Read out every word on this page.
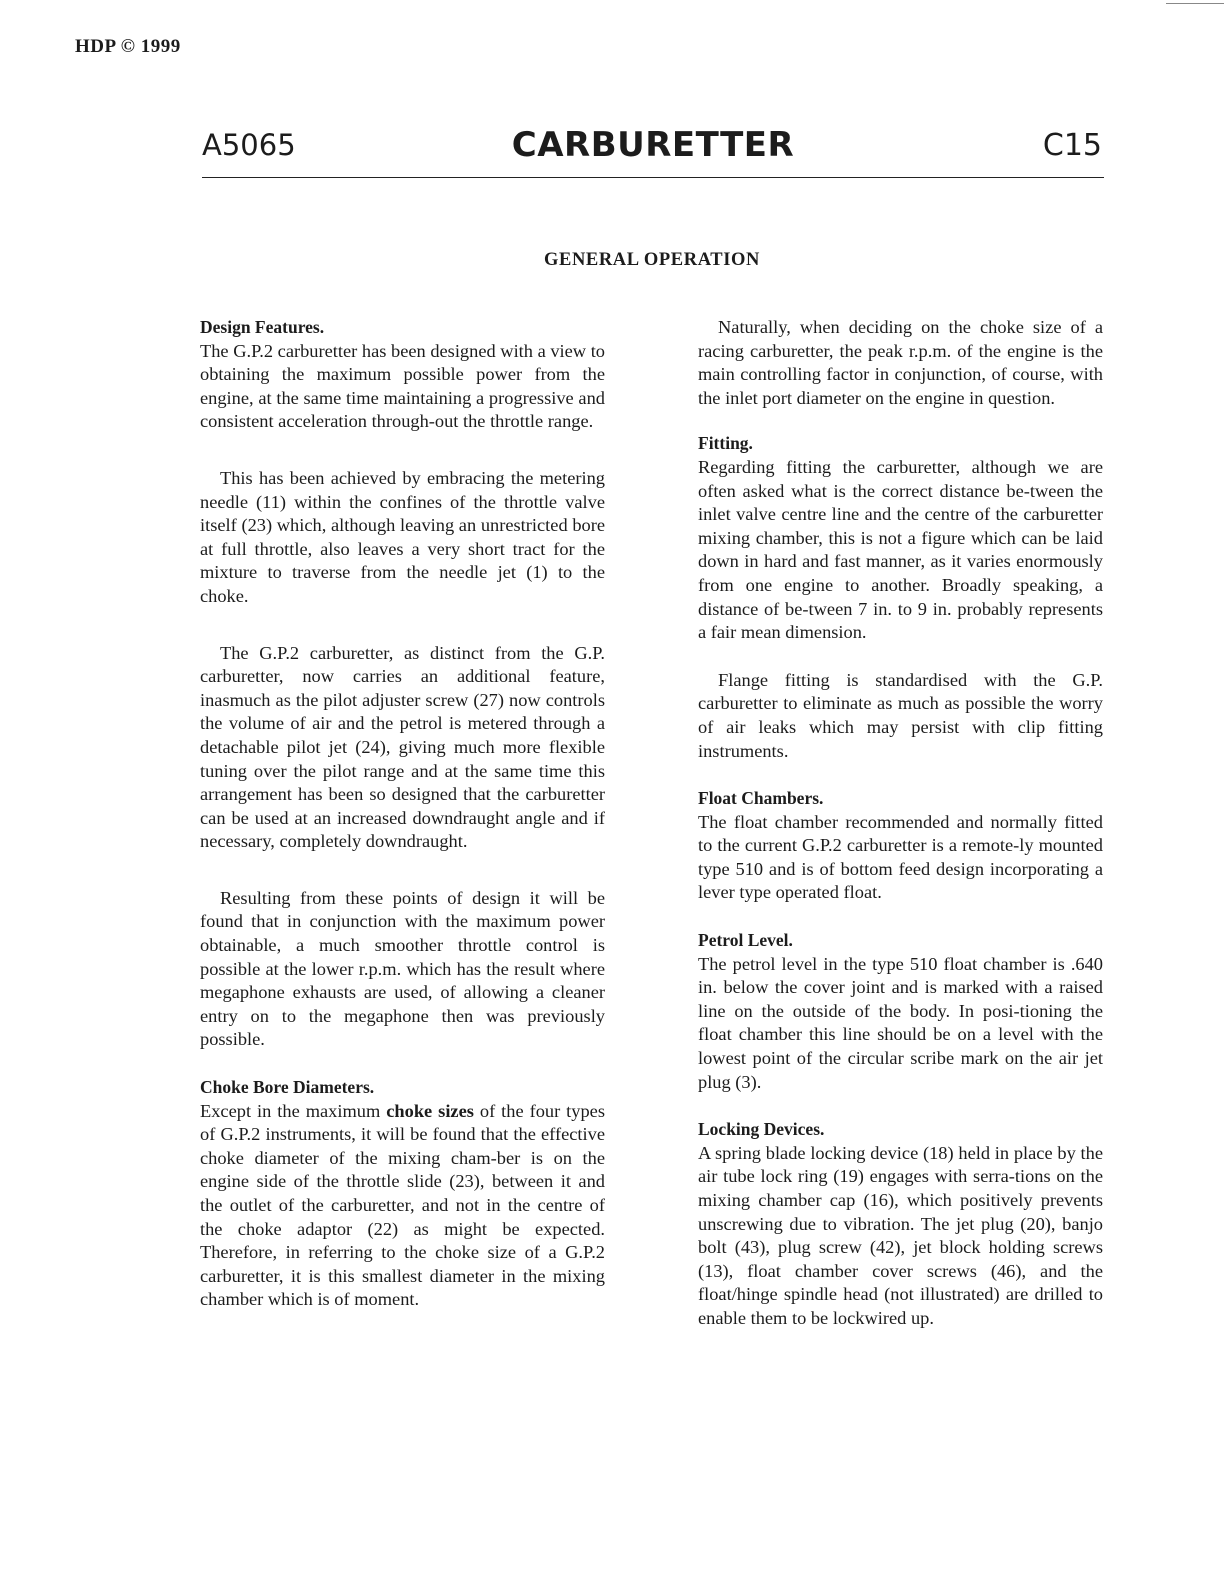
HDP © 1999
A5065	CARBURETTER	C15
GENERAL OPERATION
Design Features.

The G.P.2 carburetter has been designed with a view to obtaining the maximum possible power from the engine, at the same time maintaining a progressive and consistent acceleration through-out the throttle range.

This has been achieved by embracing the metering needle (11) within the confines of the throttle valve itself (23) which, although leaving an unrestricted bore at full throttle, also leaves a very short tract for the mixture to traverse from the needle jet (1) to the choke.

The G.P.2 carburetter, as distinct from the G.P. carburetter, now carries an additional feature, inasmuch as the pilot adjuster screw (27) now controls the volume of air and the petrol is metered through a detachable pilot jet (24), giving much more flexible tuning over the pilot range and at the same time this arrangement has been so designed that the carburetter can be used at an increased downdraught angle and if necessary, completely downdraught.

Resulting from these points of design it will be found that in conjunction with the maximum power obtainable, a much smoother throttle control is possible at the lower r.p.m. which has the result where megaphone exhausts are used, of allowing a cleaner entry on to the megaphone then was previously possible.

Choke Bore Diameters.

Except in the maximum choke sizes of the four types of G.P.2 instruments, it will be found that the effective choke diameter of the mixing cham-ber is on the engine side of the throttle slide (23), between it and the outlet of the carburetter, and not in the centre of the choke adaptor (22) as might be expected. Therefore, in referring to the choke size of a G.P.2 carburetter, it is this smallest diameter in the mixing chamber which is of moment.

Naturally, when deciding on the choke size of a racing carburetter, the peak r.p.m. of the engine is the main controlling factor in conjunction, of course, with the inlet port diameter on the engine in question.

Fitting.

Regarding fitting the carburetter, although we are often asked what is the correct distance be-tween the inlet valve centre line and the centre of the carburetter mixing chamber, this is not a figure which can be laid down in hard and fast manner, as it varies enormously from one engine to another. Broadly speaking, a distance of be-tween 7 in. to 9 in. probably represents a fair mean dimension.

Flange fitting is standardised with the G.P. carburetter to eliminate as much as possible the worry of air leaks which may persist with clip fitting instruments.

Float Chambers.

The float chamber recommended and normally fitted to the current G.P.2 carburetter is a remote-ly mounted type 510 and is of bottom feed design incorporating a lever type operated float.

Petrol Level.

The petrol level in the type 510 float chamber is .640 in. below the cover joint and is marked with a raised line on the outside of the body. In posi-tioning the float chamber this line should be on a level with the lowest point of the circular scribe mark on the air jet plug (3).

Locking Devices.

A spring blade locking device (18) held in place by the air tube lock ring (19) engages with serra-tions on the mixing chamber cap (16), which positively prevents unscrewing due to vibration. The jet plug (20), banjo bolt (43), plug screw (42), jet block holding screws (13), float chamber cover screws (46), and the float/hinge spindle head (not illustrated) are drilled to enable them to be lockwired up.
